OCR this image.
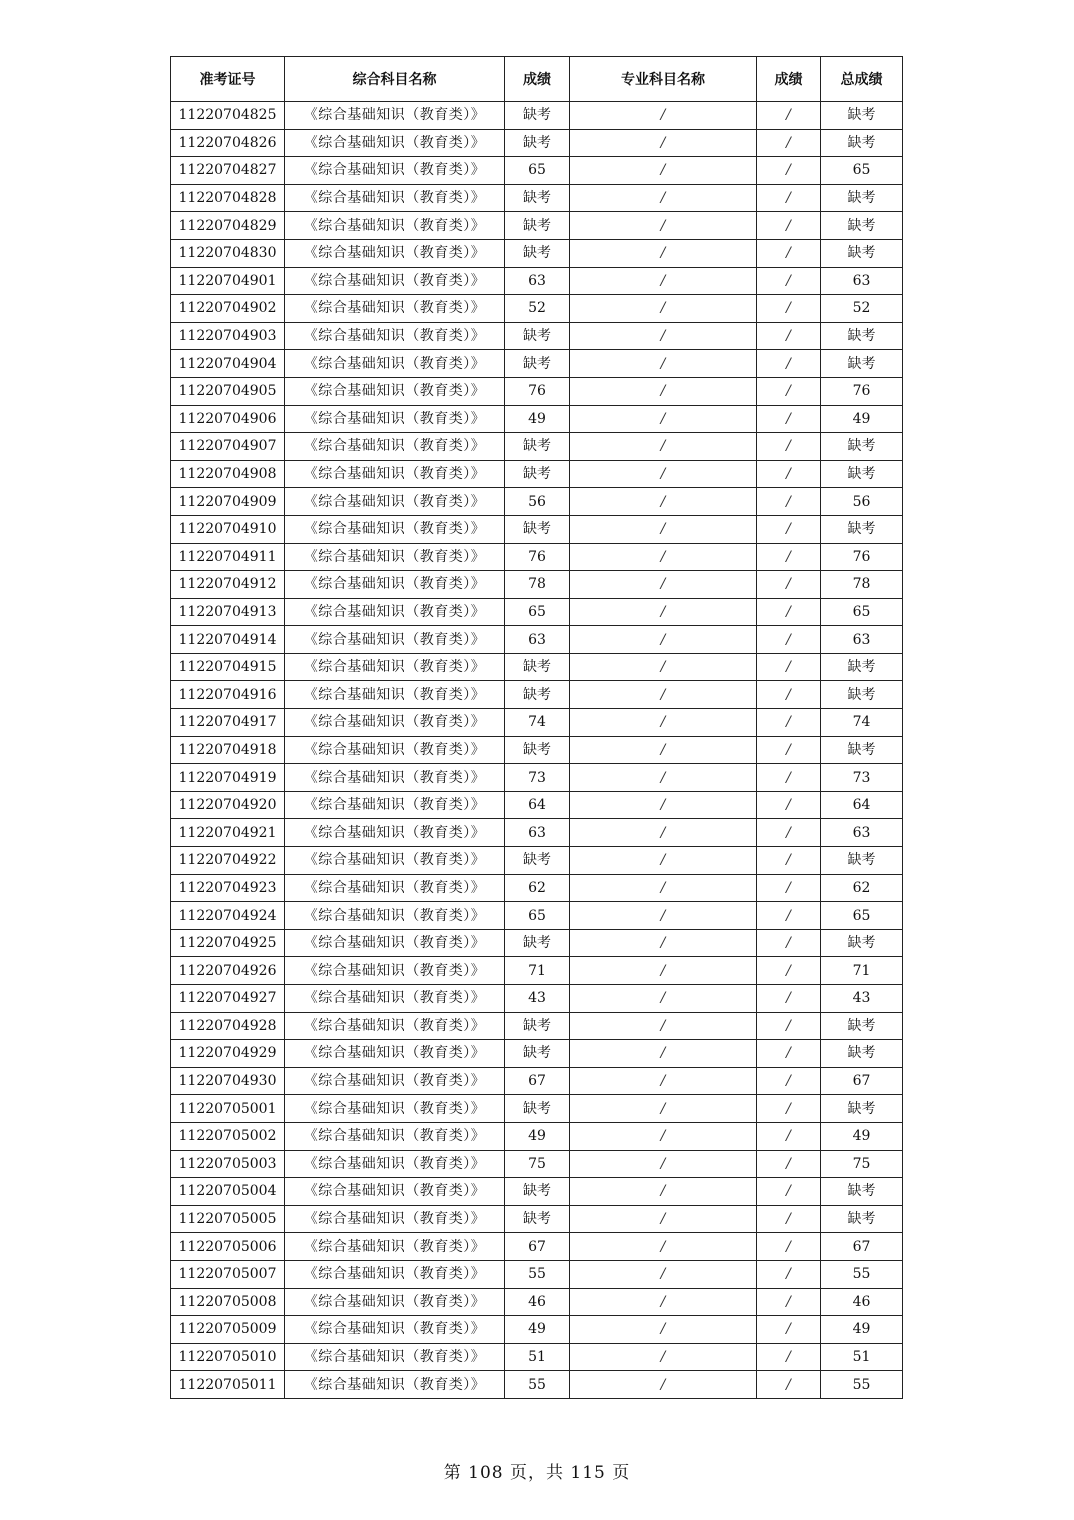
准考证号	综合科目名称	成绩	专业科目名称	成绩	总成绩
11220704825	《综合基础知识（教育类）》	缺考	/	/	缺考
11220704826	《综合基础知识（教育类）》	缺考	/	/	缺考
11220704827	《综合基础知识（教育类）》	65	/	/	65
11220704828	《综合基础知识（教育类）》	缺考	/	/	缺考
11220704829	《综合基础知识（教育类）》	缺考	/	/	缺考
11220704830	《综合基础知识（教育类）》	缺考	/	/	缺考
11220704901	《综合基础知识（教育类）》	63	/	/	63
11220704902	《综合基础知识（教育类）》	52	/	/	52
11220704903	《综合基础知识（教育类）》	缺考	/	/	缺考
11220704904	《综合基础知识（教育类）》	缺考	/	/	缺考
11220704905	《综合基础知识（教育类）》	76	/	/	76
11220704906	《综合基础知识（教育类）》	49	/	/	49
11220704907	《综合基础知识（教育类）》	缺考	/	/	缺考
11220704908	《综合基础知识（教育类）》	缺考	/	/	缺考
11220704909	《综合基础知识（教育类）》	56	/	/	56
11220704910	《综合基础知识（教育类）》	缺考	/	/	缺考
11220704911	《综合基础知识（教育类）》	76	/	/	76
11220704912	《综合基础知识（教育类）》	78	/	/	78
11220704913	《综合基础知识（教育类）》	65	/	/	65
11220704914	《综合基础知识（教育类）》	63	/	/	63
11220704915	《综合基础知识（教育类）》	缺考	/	/	缺考
11220704916	《综合基础知识（教育类）》	缺考	/	/	缺考
11220704917	《综合基础知识（教育类）》	74	/	/	74
11220704918	《综合基础知识（教育类）》	缺考	/	/	缺考
11220704919	《综合基础知识（教育类）》	73	/	/	73
11220704920	《综合基础知识（教育类）》	64	/	/	64
11220704921	《综合基础知识（教育类）》	63	/	/	63
11220704922	《综合基础知识（教育类）》	缺考	/	/	缺考
11220704923	《综合基础知识（教育类）》	62	/	/	62
11220704924	《综合基础知识（教育类）》	65	/	/	65
11220704925	《综合基础知识（教育类）》	缺考	/	/	缺考
11220704926	《综合基础知识（教育类）》	71	/	/	71
11220704927	《综合基础知识（教育类）》	43	/	/	43
11220704928	《综合基础知识（教育类）》	缺考	/	/	缺考
11220704929	《综合基础知识（教育类）》	缺考	/	/	缺考
11220704930	《综合基础知识（教育类）》	67	/	/	67
11220705001	《综合基础知识（教育类）》	缺考	/	/	缺考
11220705002	《综合基础知识（教育类）》	49	/	/	49
11220705003	《综合基础知识（教育类）》	75	/	/	75
11220705004	《综合基础知识（教育类）》	缺考	/	/	缺考
11220705005	《综合基础知识（教育类）》	缺考	/	/	缺考
11220705006	《综合基础知识（教育类）》	67	/	/	67
11220705007	《综合基础知识（教育类）》	55	/	/	55
11220705008	《综合基础知识（教育类）》	46	/	/	46
11220705009	《综合基础知识（教育类）》	49	/	/	49
11220705010	《综合基础知识（教育类）》	51	/	/	51
11220705011	《综合基础知识（教育类）》	55	/	/	55
第 108 页，共 115 页
